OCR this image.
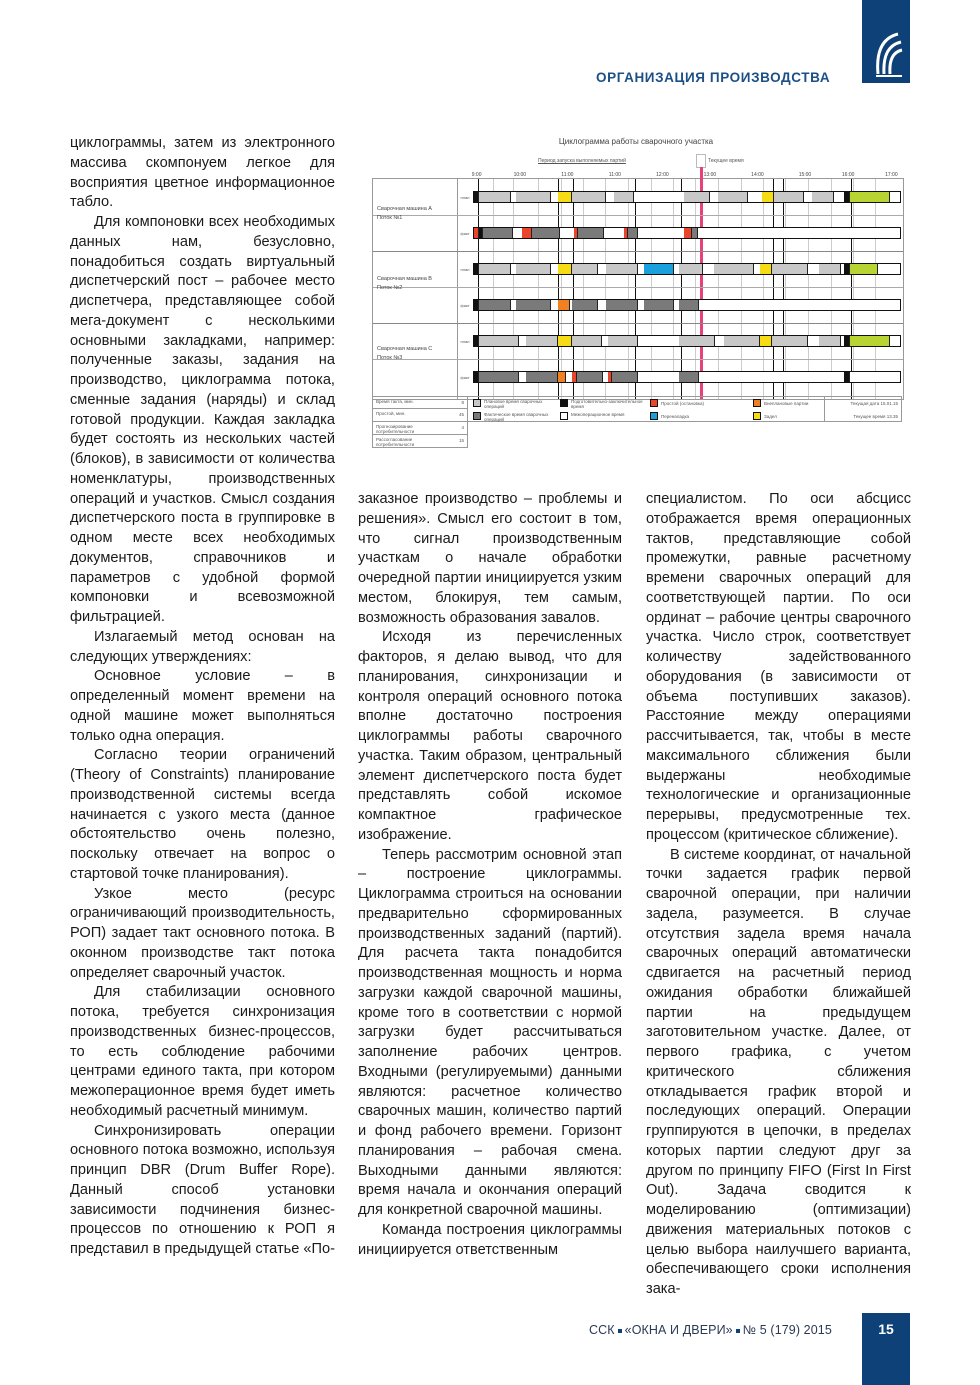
ОРГАНИЗАЦИЯ ПРОИЗВОДСТВА
Циклограмма работы сварочного участка
Период запуска выполняемых партий	Текущее время
9:00	10:00	11:00	11:00	12:00	13:00	14:00	15:00	16:00	17:00
Сварочная машина А
Поток №1
Сварочная машина В
Поток №2
Сварочная машина С
Поток №3
план
факт
план
факт
план
факт
Время такта, мин.	8
Простой, мин.	45
Прогнозирование потребительности
4
Рассогласование потребительности
15
Плановое время сварочных операций
Фактическое время сварочных операций
Подготовительно-заключительное время
Межоперационное время
Простой (остановка)
Переналадка
Внеплановые партии
Задел
Текущая дата 15.01.15
Текущее время 13.35

циклограммы, затем из электронного массива скомпонуем легкое для восприятия цветное информационное табло.

Для компоновки всех необходимых данных нам, безусловно, понадобиться создать виртуальный диспетчерский пост – рабочее место диспетчера, представляющее собой мега-документ с несколькими основными закладками, например: полученные заказы, задания на производство, циклограмма потока, сменные задания (наряды) и склад готовой продукции. Каждая закладка будет состоять из нескольких частей (блоков), в зависимости от количества номенклатуры, производственных операций и участков. Смысл создания диспетчерского поста в группировке в одном месте всех необходимых документов, справочников и параметров с удобной формой компоновки и всевозможной фильтрацией.

Излагаемый метод основан на следующих утверждениях:

Основное условие – в определенный момент времени на одной машине может выполняться только одна операция.

Согласно теории ограничений (Theory of Constraints) планирование производственной системы всегда начинается с узкого места (данное обстоятельство очень полезно, поскольку отвечает на вопрос о стартовой точке планирования).

Узкое место (ресурс ограничивающий производительность, РОП) задает такт основного потока. В оконном производстве такт потока определяет сварочный участок.

Для стабилизации основного потока, требуется синхронизация производственных бизнес-процессов, то есть соблюдение рабочими центрами единого такта, при котором межоперационное время будет иметь необходимый расчетный минимум.

Синхронизировать операции основного потока возможно, используя принцип DBR (Drum Buffer Rope). Данный способ установки зависимости подчинения бизнес-процессов по отношению к РОП я представил в предыдущей статье «По-

заказное производство – проблемы и решения». Смысл его состоит в том, что сигнал производственным участкам о начале обработки очередной партии инициируется узким местом, блокируя, тем самым, возможность образования завалов.

Исходя из перечисленных факторов, я делаю вывод, что для планирования, синхронизации и контроля операций основного потока вполне достаточно построения циклограммы работы сварочного участка. Таким образом, центральный элемент диспетчерского поста будет представлять собой искомое компактное графическое изображение.

Теперь рассмотрим основной этап – построение циклограммы. Циклограмма строиться на основании предварительно сформированных производственных заданий (партий). Для расчета такта понадобится производственная мощность и норма загрузки каждой сварочной машины, кроме того в соответствии с нормой загрузки будет рассчитываться заполнение рабочих центров. Входными (регулируемыми) данными являются: расчетное количество сварочных машин, количество партий и фонд рабочего времени. Горизонт планирования – рабочая смена. Выходными данными являются: время начала и окончания операций для конкретной сварочной машины.

Команда построения циклограммы инициируется ответственным

специалистом. По оси абсцисс отображается время операционных тактов, представляющие собой промежутки, равные расчетному времени сварочных операций для соответствующей партии. По оси ординат – рабочие центры сварочного участка. Число строк, соответствует количеству задействованного оборудования (в зависимости от объема поступивших заказов). Расстояние между операциями рассчитывается, так, чтобы в месте максимального сближения были выдержаны необходимые технологические и организационные перерывы, предусмотренные тех. процессом (критическое сближение).

В системе координат, от начальной точки задается график первой сварочной операции, при наличии задела, разумеется. В случае отсутствия задела время начала сварочных операций автоматически сдвигается на расчетный период ожидания обработки ближайшей партии на предыдущем заготовительном участке. Далее, от первого графика, с учетом критического сближения откладывается график второй и последующих операций. Операции группируются в цепочки, в пределах которых партии следуют друг за другом по принципу FIFO (First In First Out). Задача сводится к моделированию (оптимизации) движения материальных потоков с целью выбора наилучшего варианта, обеспечивающего сроки исполнения зака-

ССК «ОКНА И ДВЕРИ» № 5 (179) 2015	15
